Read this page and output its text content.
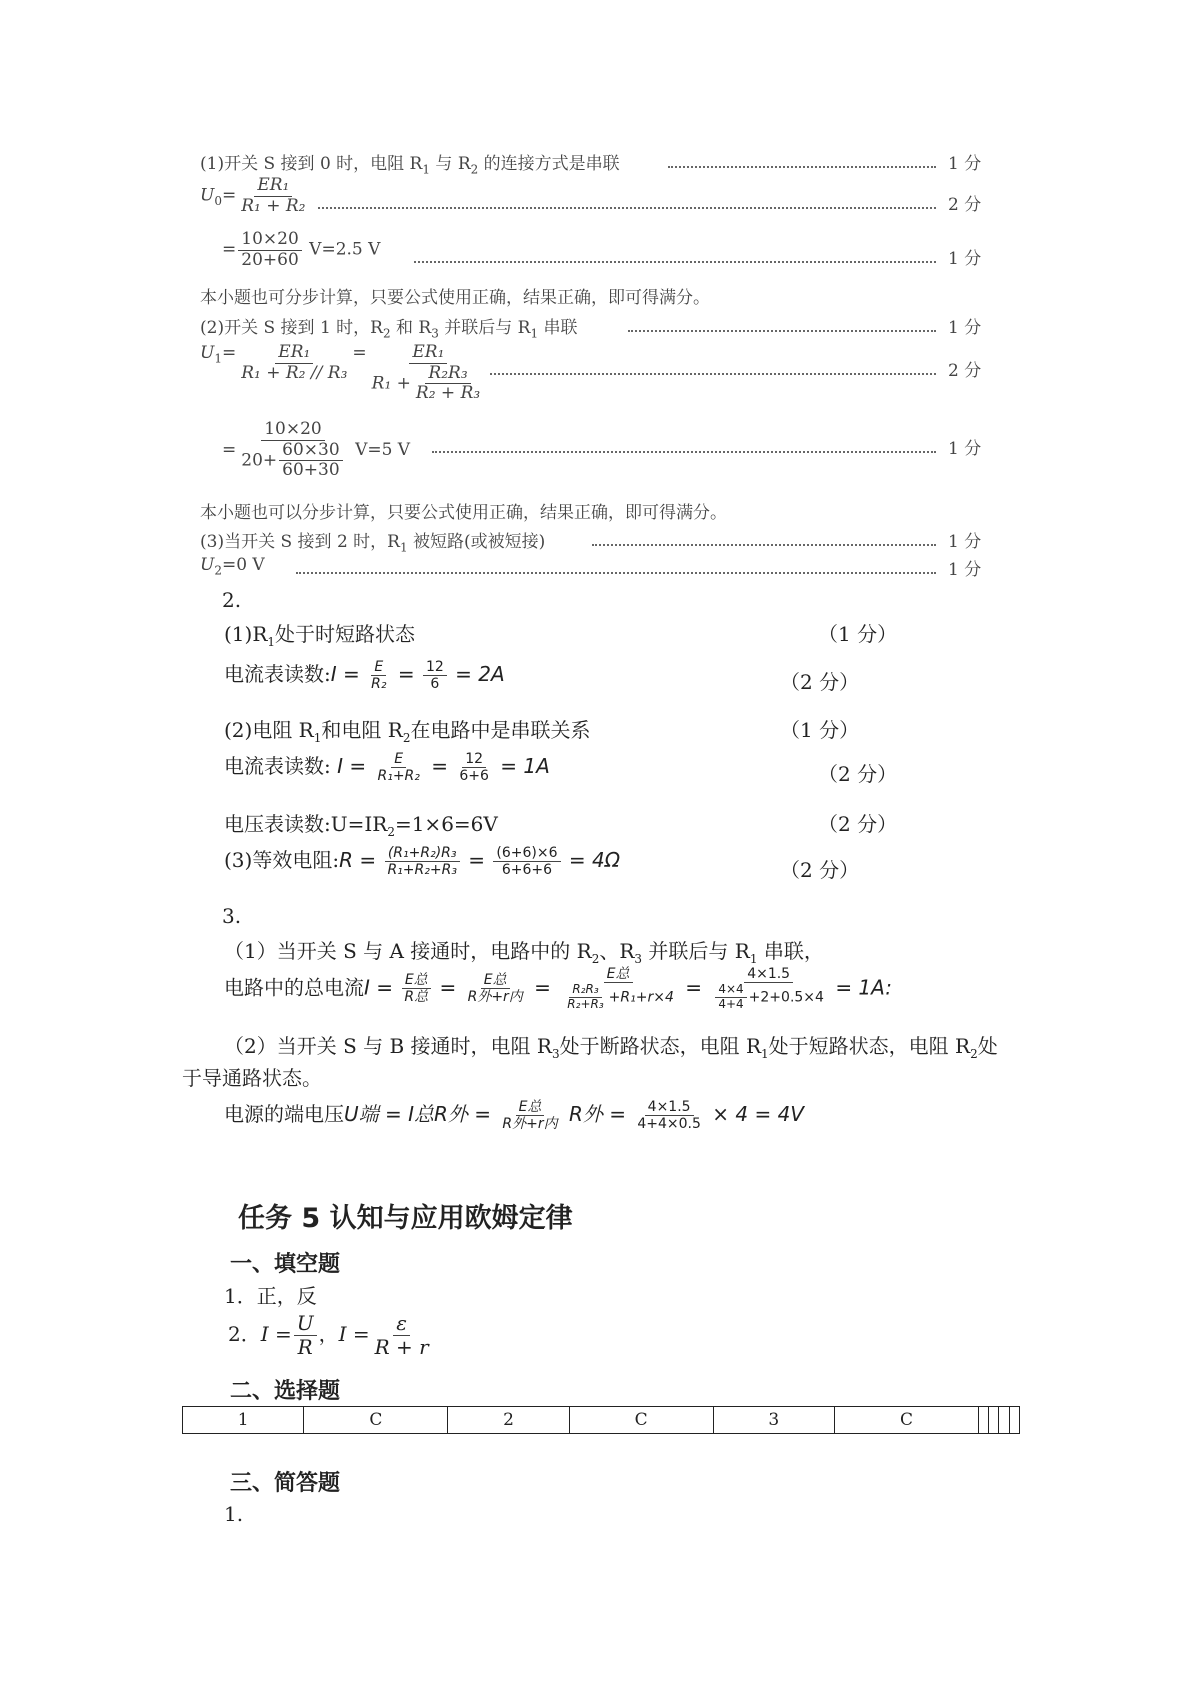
(1)开关 S 接到 0 时，电阻 $R_1$ 与 $R_2$ 的连接方式是串联	1 分
$U_0= \frac{\text{ER₁}}{\text{R₁ + R₂}}$	2 分
= $\frac{10\times 20}{20+60} V=2.5$ V	1 分
本小题也可分步计算，只要公式使用正确，结果正确，即可得满分。
(2)开关 S 接到 1 时，$R_2$ 和 $R_3$ 并联后与 $R_1$ 串联	1 分
$U_1= \frac{\text{ER₁}}{\text{R₁ + R₂ // R₃}} = \frac{\text{ER₁}}{R_1 + \frac{\text{R₂R₃}}{\text{R₂ + R₃}}}$	2 分
= $\frac{10\times 20}{20+ \frac{60\times 30}{60+30}} V=5$ V	1 分
本小题也可以分步计算，只要公式使用正确，结果正确，即可得满分。
(3)当开关 S 接到 2 时，$R_1$ 被短路(或被短接)	1 分
$U_2=0$ V	1 分
2.
$(1)R_1$处于时短路状态	（1 分）
电流表读数:I = $\frac{E}{\text{R₂}} = \frac{12}{6} = 2A$	（2 分）
(2)电阻 $R_1$和电阻 $R_2$在电路中是串联关系	（1 分）
电流表读数: $I = \frac{E}{\text{R₁+R₂}} = \frac{12}{6+6} = 1A$	（2 分）
电压表读数$:U=IR_2=1\times 6=6V$	（2 分）
(3)等效电阻:R = $\frac{\text{(R₁+R₂)R₃}}{\text{R₁+R₂+R₃}} = \frac{(6+6)\times 6}{6+6+6} = 4\Omega$	（2 分）
3.
（1）当开关 S 与 A 接通时，电路中的 $R_2$、$R_3$ 并联后与 $R_1$ 串联，
电路中的总电流$I = \frac{\text{E总}}{\text{R总}} = \frac{\text{E总}}{\text{R外+r内}} = \frac{\text{E总}}{\frac{\text{R₂R₃}}{\text{R₂+R₃}} +R_1+r\times 4} = \frac{4\times 1.5}{\frac{4\times 4}{4+4} +2+0.5\times 4} = 1A$:
（2）当开关 S 与 B 接通时，电阻 $R_3$处于断路状态，电阻 $R_1$处于短路状态，电阻 $R_2$处
于导通路状态。
电源的端电压U端 = I总R外 = $\frac{\text{E总}}{\text{R外+r内}}$ R外 = $\frac{4\times 1.5}{4+4\times 0.5} \times 4 = 4V$
任务 5 认知与应用欧姆定律
一、填空题
1．正，反
2．$I = \frac{U}{R}$ ，$I = \frac{\varepsilon}{R + r}$
二、选择题
1	C	2	C	3	C				
三、简答题
1.
